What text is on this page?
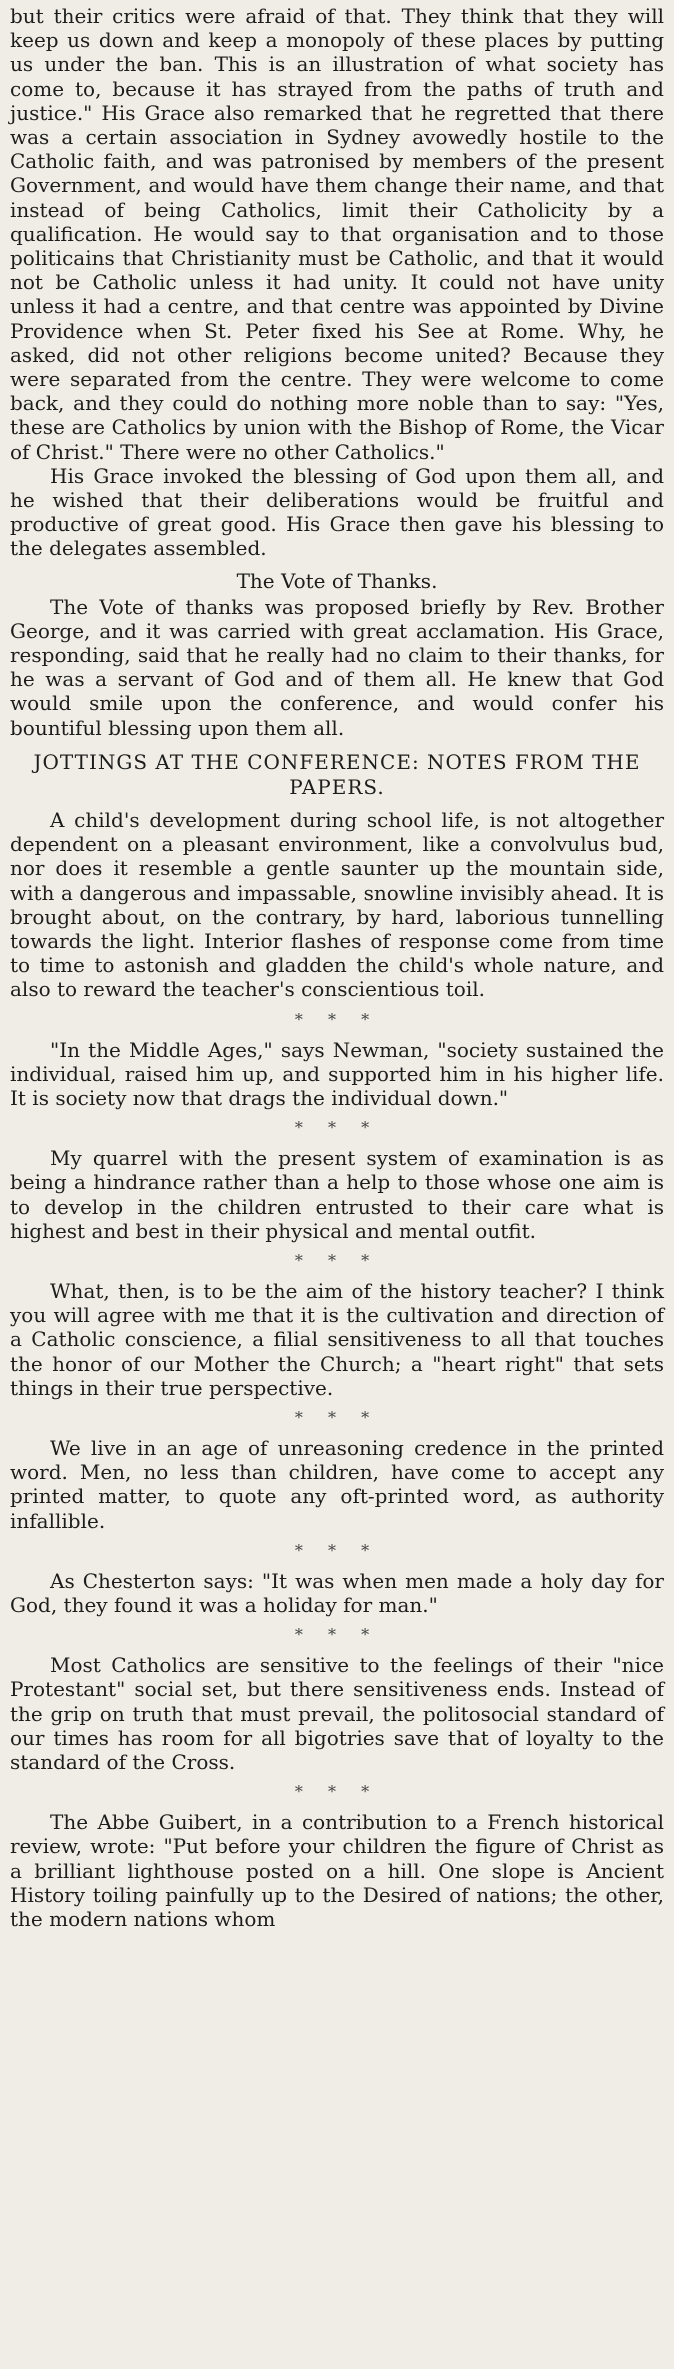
but their critics were afraid of that. They think that they will keep us down and keep a monopoly of these places by putting us under the ban. This is an illustration of what society has come to, because it has strayed from the paths of truth and justice." His Grace also remarked that he regretted that there was a certain association in Sydney avowedly hostile to the Catholic faith, and was patronised by members of the present Government, and would have them change their name, and that instead of being Catholics, limit their Catholicity by a qualification. He would say to that organisation and to those politicains that Christianity must be Catholic, and that it would not be Catholic unless it had unity. It could not have unity unless it had a centre, and that centre was appointed by Divine Providence when St. Peter fixed his See at Rome. Why, he asked, did not other religions become united? Because they were separated from the centre. They were welcome to come back, and they could do nothing more noble than to say: "Yes, these are Catholics by union with the Bishop of Rome, the Vicar of Christ." There were no other Catholics."

His Grace invoked the blessing of God upon them all, and he wished that their deliberations would be fruitful and productive of great good. His Grace then gave his blessing to the delegates assembled.

The Vote of Thanks.

The Vote of thanks was proposed briefly by Rev. Brother George, and it was carried with great acclamation. His Grace, responding, said that he really had no claim to their thanks, for he was a servant of God and of them all. He knew that God would smile upon the conference, and would confer his bountiful blessing upon them all.

JOTTINGS AT THE CONFERENCE: NOTES FROM THE PAPERS.

A child's development during school life, is not altogether dependent on a pleasant environment, like a convolvulus bud, nor does it resemble a gentle saunter up the mountain side, with a dangerous and impassable, snowline invisibly ahead. It is brought about, on the contrary, by hard, laborious tunnelling towards the light. Interior flashes of response come from time to time to astonish and gladden the child's whole nature, and also to reward the teacher's conscientious toil.

* * *

"In the Middle Ages," says Newman, "society sustained the individual, raised him up, and supported him in his higher life. It is society now that drags the individual down."

* * *

My quarrel with the present system of examination is as being a hindrance rather than a help to those whose one aim is to develop in the children entrusted to their care what is highest and best in their physical and mental outfit.

* * *

What, then, is to be the aim of the history teacher? I think you will agree with me that it is the cultivation and direction of a Catholic conscience, a filial sensitiveness to all that touches the honor of our Mother the Church; a "heart right" that sets things in their true perspective.

* * *

We live in an age of unreasoning credence in the printed word. Men, no less than children, have come to accept any printed matter, to quote any oft-printed word, as authority infallible.

* * *

As Chesterton says: "It was when men made a holy day for God, they found it was a holiday for man."

* * *

Most Catholics are sensitive to the feelings of their "nice Protestant" social set, but there sensitiveness ends. Instead of the grip on truth that must prevail, the politosocial standard of our times has room for all bigotries save that of loyalty to the standard of the Cross.

* * *

The Abbe Guibert, in a contribution to a French historical review, wrote: "Put before your children the figure of Christ as a brilliant lighthouse posted on a hill. One slope is Ancient History toiling painfully up to the Desired of nations; the other, the modern nations whom
